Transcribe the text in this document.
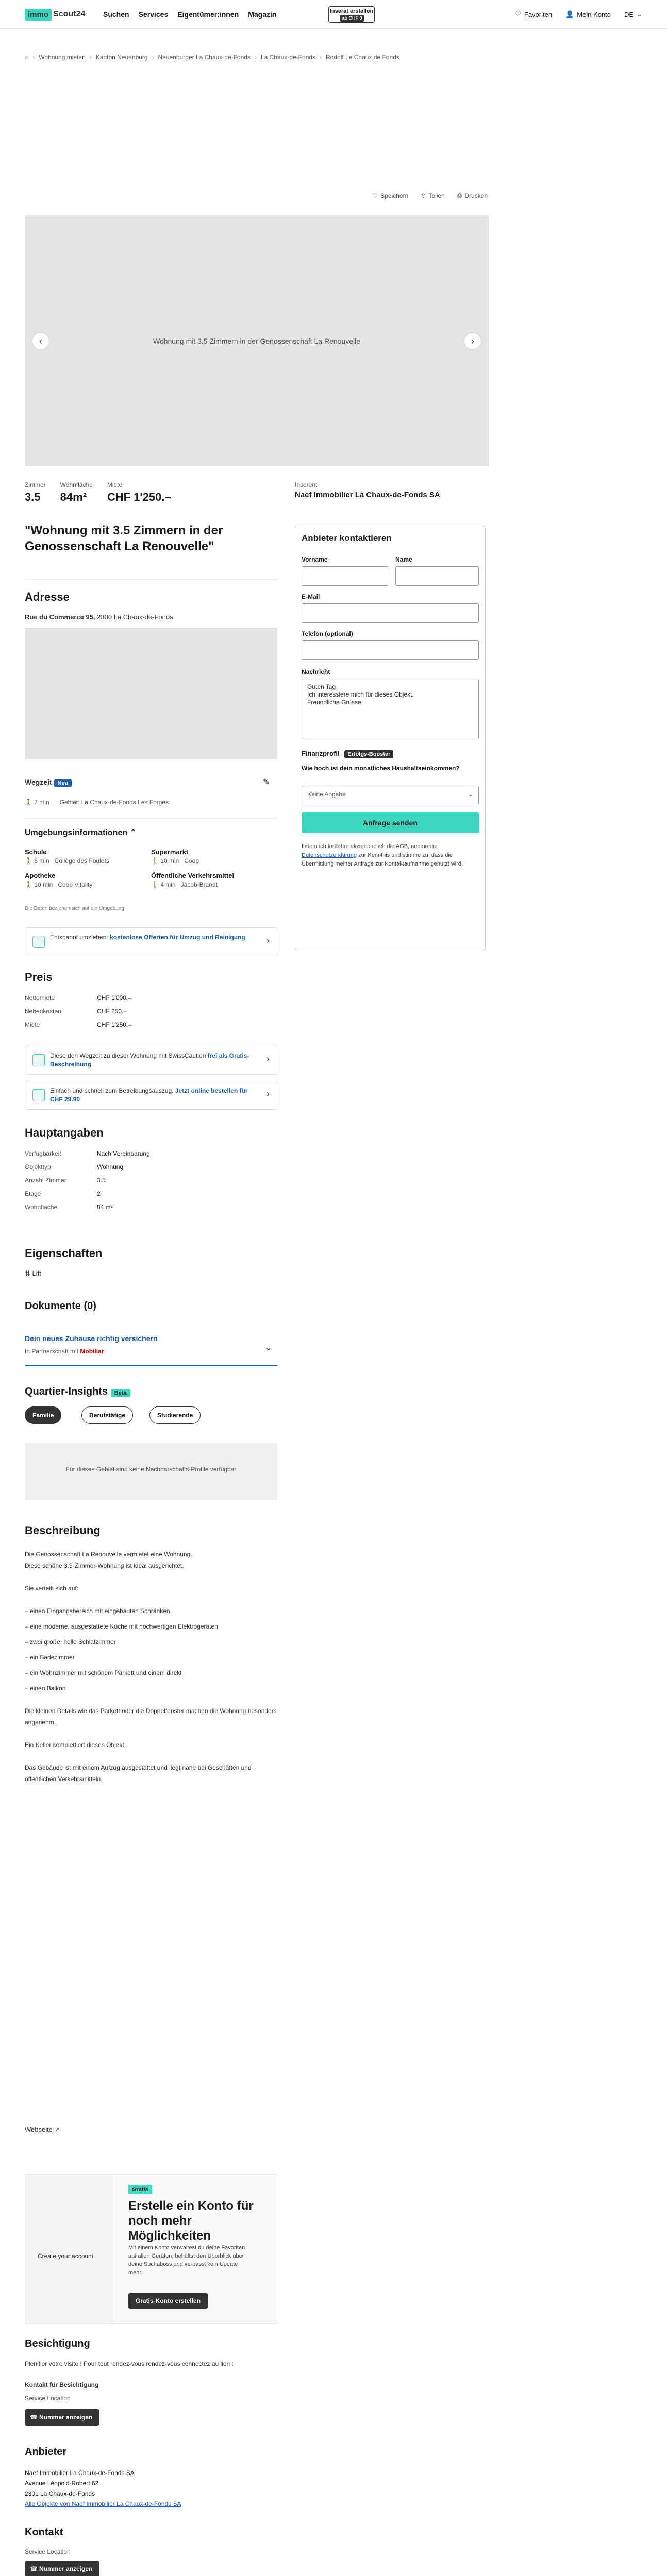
immo Scout24 Suchen Services Eigentümer:innen Magazin	Inserat erstellen
ab CHF 0	♡ Favoriten 👤 Mein Konto DE ⌄
⌂ › Wohnung mieten › Kanton Neuenburg › Neuenburger La Chaux-de-Fonds › La Chaux-de-Fonds › Rodolf Le Chaux de Fonds
♡ Speichern ⇪ Teilen ⎙ Drucken
‹	Wohnung mit 3.5 Zimmern in der Genossenschaft La Renouvelle	›
Zimmer
3.5
Wohnfläche
84m²
Miete
CHF 1'250.–
"Wohnung mit 3.5 Zimmern in der Genossenschaft La Renouvelle"
Adresse
Rue du Commerce 95, 2300 La Chaux-de-Fonds
Wegzeit Neu	✎
🚶 7 min Gebiet: La Chaux-de-Fonds Les Forges
Umgebungsinformationen ⌃
Schule
🚶 6 min Collège des Foulets
Supermarkt
🚶 10 min Coop
Apotheke
🚶 10 min Coop Vitality
Öffentliche Verkehrsmittel
🚶 4 min Jacob-Brandt
Die Daten beziehen sich auf die Umgebung
Entspannt umziehen: kostenlose Offerten für Umzug und Reinigung ›
Preis
Nettomiete	CHF 1'000.–
Nebenkosten	CHF 250.–
Miete	CHF 1'250.–
Diese den Wegzeit zu dieser Wohnung mit SwissCaution frei als Gratis-Beschreibung
›
Einfach und schnell zum Betreibungsauszug. Jetzt online bestellen für CHF 29.90
›
Hauptangaben
Verfügbarkeit	Nach Vereinbarung
Objekttyp	Wohnung
Anzahl Zimmer	3.5
Etage	2
Wohnfläche	84 m²
Eigenschaften
⇅ Lift
Dokumente (0)
Dein neues Zuhause richtig versichern
In Partnerschaft mit Mobiliar	⌄
Quartier-Insights Beta
Familie	Berufstätige	Studierende
Für dieses Gebiet sind keine Nachbarschafts-Profile verfügbar
Beschreibung
Die Genossenschaft La Renouvelle vermietet eine Wohnung.
Diese schöne 3.5-Zimmer-Wohnung ist ideal ausgerichtet.
Sie verteilt sich auf:
– einen Eingangsbereich mit eingebauten Schränken
– eine moderne, ausgestattete Küche mit hochwertigen Elektrogeräten
– zwei große, helle Schlafzimmer
– ein Badezimmer
– ein Wohnzimmer mit schönem Parkett und einem direkt
– einen Balkon
Die kleinen Details wie das Parkett oder die Doppelfenster machen die Wohnung besonders angenehm.
Ein Keller komplettiert dieses Objekt.
Das Gebäude ist mit einem Aufzug ausgestattet und liegt nahe bei Geschäften und öffentlichen Verkehrsmitteln.
Webseite ↗
Create your account
Gratis
Erstelle ein Konto für noch mehr Möglichkeiten
Mit einem Konto verwaltest du deine Favoriten auf allen Geräten, behältst den Überblick über deine Suchaboss und verpasst kein Update mehr.
Gratis-Konto erstellen
Besichtigung
Plenifier votre visite ! Pour tout rendez-vous rendez-vous connectez au lien :
Kontakt für Besichtigung
Service Location
☎ Nummer anzeigen
Anbieter
Naef Immobilier La Chaux-de-Fonds SA
Avenue Léopold-Robert 62
2301 La Chaux-de-Fonds
Alle Objekte von Naef Immobilier La Chaux-de-Fonds SA
Kontakt
Service Location
☎ Nummer anzeigen
Inserent
Naef Immobilier La Chaux-de-Fonds SA
Anbieter kontaktieren
Vorname	Name
E-Mail
Telefon (optional)
Nachricht
Guten Tag
Ich interessiere mich für dieses Objekt.
Freundliche Grüsse
Finanzprofil Erfolgs-Booster
Wie hoch ist dein monatliches Haushaltseinkommen?
Keine Angabe	⌄
Anfrage senden
Indem ich fortfahre akzeptiere ich die AGB, nehme die Datenschutzerklärung zur Kenntnis und stimme zu, dass die Übermittlung meiner Anfrage zur Kontaktaufnahme genutzt wird.
